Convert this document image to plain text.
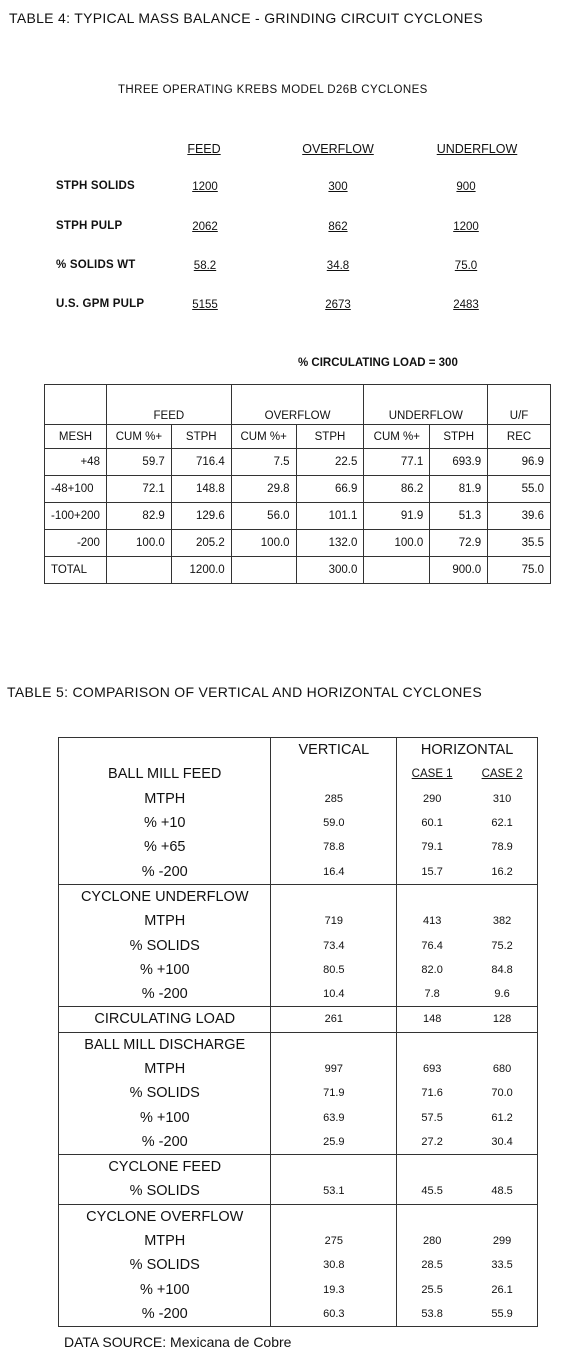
TABLE 4: TYPICAL MASS BALANCE - GRINDING CIRCUIT CYCLONES
THREE OPERATING KREBS MODEL D26B CYCLONES
FEED	OVERFLOW	UNDERFLOW
STPH SOLIDS	1200	300	900
STPH PULP	2062	862	1200
% SOLIDS WT	58.2	34.8	75.0
U.S. GPM PULP	5155	2673	2483
% CIRCULATING LOAD = 300
	FEED		OVERFLOW		UNDERFLOW		U/F
MESH	CUM %+	STPH	CUM %+	STPH	CUM %+	STPH	REC
+48	59.7	716.4	7.5	22.5	77.1	693.9	96.9
-48+100	72.1	148.8	29.8	66.9	86.2	81.9	55.0
-100+200	82.9	129.6	56.0	101.1	91.9	51.3	39.6
-200	100.0	205.2	100.0	132.0	100.0	72.9	35.5
TOTAL		1200.0		300.0		900.0	75.0
TABLE 5: COMPARISON OF VERTICAL AND HORIZONTAL CYCLONES
	VERTICAL	HORIZONTAL	
BALL MILL FEED		CASE 1	CASE 2
MTPH	285	290	310
% +10	59.0	60.1	62.1
% +65	78.8	79.1	78.9
% -200	16.4	15.7	16.2
CYCLONE UNDERFLOW			
MTPH	719	413	382
% SOLIDS	73.4	76.4	75.2
% +100	80.5	82.0	84.8
% -200	10.4	7.8	9.6
CIRCULATING LOAD	261	148	128
BALL MILL DISCHARGE			
MTPH	997	693	680
% SOLIDS	71.9	71.6	70.0
% +100	63.9	57.5	61.2
% -200	25.9	27.2	30.4
CYCLONE FEED			
% SOLIDS	53.1	45.5	48.5
CYCLONE OVERFLOW			
MTPH	275	280	299
% SOLIDS	30.8	28.5	33.5
% +100	19.3	25.5	26.1
% -200	60.3	53.8	55.9
DATA SOURCE: Mexicana de Cobre
